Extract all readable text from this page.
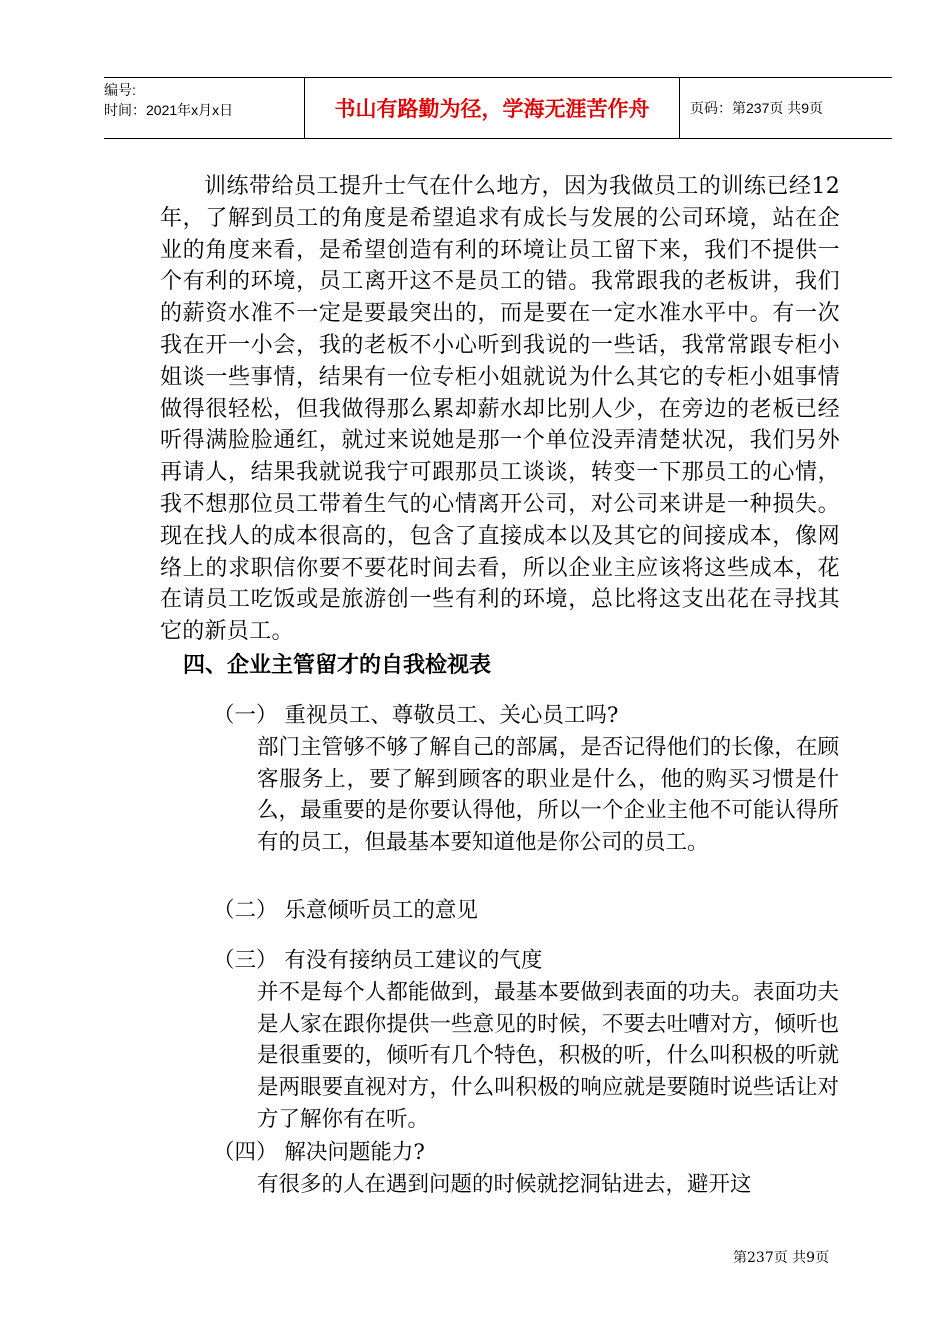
编号:
时间：2021年x月x日	书山有路勤为径，学海无涯苦作舟	页码：第237页 共9页
训练带给员工提升士气在什么地方，因为我做员工的训练已经12年，了解到员工的角度是希望追求有成长与发展的公司环境，站在企业的角度来看，是希望创造有利的环境让员工留下来，我们不提供一个有利的环境，员工离开这不是员工的错。我常跟我的老板讲，我们的薪资水准不一定是要最突出的，而是要在一定水准水平中。有一次我在开一小会，我的老板不小心听到我说的一些话，我常常跟专柜小姐谈一些事情，结果有一位专柜小姐就说为什么其它的专柜小姐事情做得很轻松，但我做得那么累却薪水却比别人少，在旁边的老板已经听得满脸脸通红，就过来说她是那一个单位没弄清楚状况，我们另外再请人，结果我就说我宁可跟那员工谈谈，转变一下那员工的心情，我不想那位员工带着生气的心情离开公司，对公司来讲是一种损失。现在找人的成本很高的，包含了直接成本以及其它的间接成本，像网络上的求职信你要不要花时间去看，所以企业主应该将这些成本，花在请员工吃饭或是旅游创一些有利的环境，总比将这支出花在寻找其它的新员工。
四、企业主管留才的自我检视表
（一） 重视员工、尊敬员工、关心员工吗?
部门主管够不够了解自己的部属，是否记得他们的长像，在顾客服务上，要了解到顾客的职业是什么，他的购买习惯是什么，最重要的是你要认得他，所以一个企业主他不可能认得所有的员工，但最基本要知道他是你公司的员工。
（二） 乐意倾听员工的意见
（三） 有没有接纳员工建议的气度
并不是每个人都能做到，最基本要做到表面的功夫。表面功夫是人家在跟你提供一些意见的时候，不要去吐嘈对方，倾听也是很重要的，倾听有几个特色，积极的听，什么叫积极的听就是两眼要直视对方，什么叫积极的响应就是要随时说些话让对方了解你有在听。
（四） 解决问题能力?
有很多的人在遇到问题的时候就挖洞钻进去，避开这
第237页 共9页
